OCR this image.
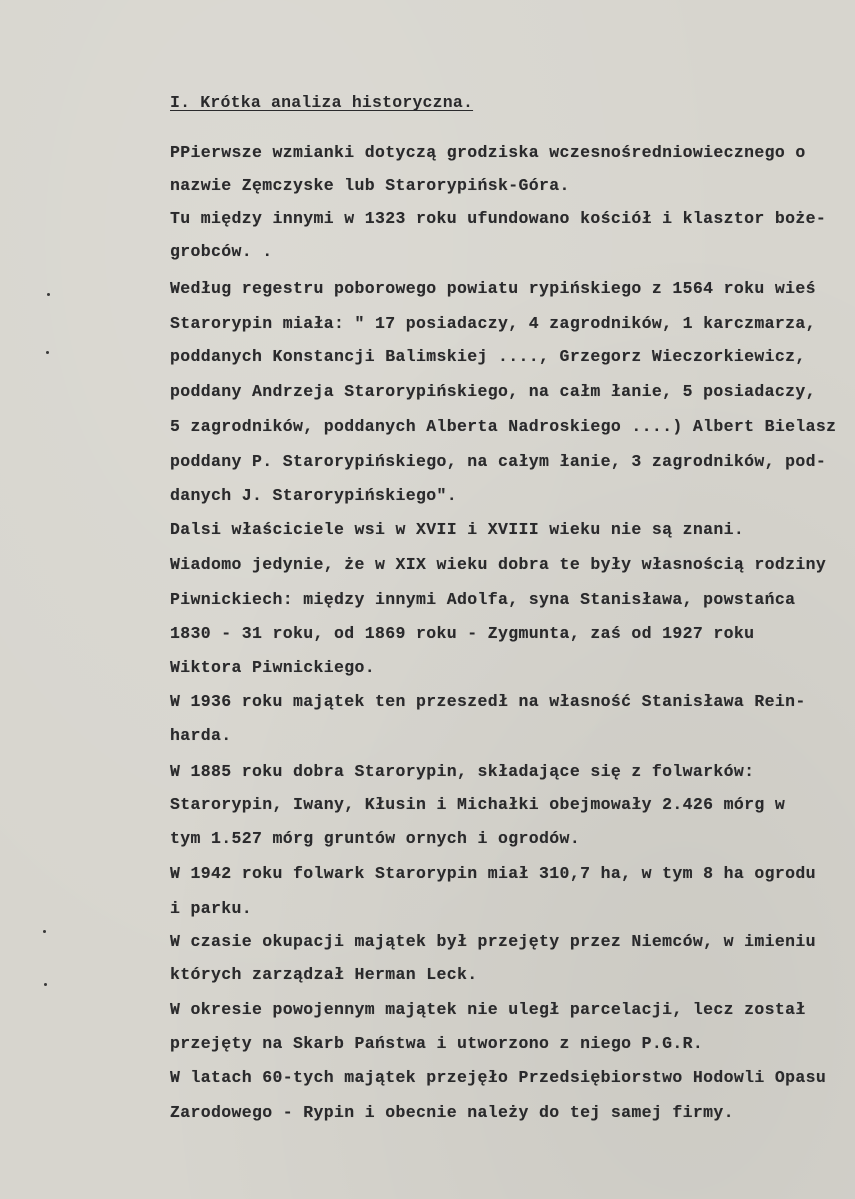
I. Krótka analiza historyczna.
PPierwsze wzmianki dotyczą grodziska wczesnośredniowiecznego o
nazwie Zęmczyske lub Starorypińsk-Góra.
Tu między innymi w 1323 roku ufundowano kościół i klasztor boże-
grobców. .
Według regestru poborowego powiatu rypińskiego z 1564 roku wieś
Starorypin miała: " 17 posiadaczy, 4 zagrodników, 1 karczmarza,
poddanych Konstancji Balimskiej ...., Grzegorz Wieczorkiewicz,
poddany Andrzeja Starorypińskiego, na całm łanie, 5 posiadaczy,
5 zagrodników, poddanych Alberta Nadroskiego ....) Albert Bielasz
poddany P. Starorypińskiego, na całym łanie, 3 zagrodników, pod-
danych J. Starorypińskiego".
Dalsi właściciele wsi w XVII i XVIII wieku nie są znani.
Wiadomo jedynie, że w XIX wieku dobra te były własnością rodziny
Piwnickiech: między innymi Adolfa, syna Stanisława, powstańca
1830 - 31 roku, od 1869 roku - Zygmunta, zaś od 1927 roku
Wiktora Piwnickiego.
W 1936 roku majątek ten przeszedł na własność Stanisława Rein-
harda.
W 1885 roku dobra Starorypin, składające się z folwarków:
Starorypin, Iwany, Kłusin i Michałki obejmowały 2.426 mórg w
tym 1.527 mórg gruntów ornych i ogrodów.
W 1942 roku folwark Starorypin miał 310,7 ha, w tym 8 ha ogrodu
i parku.
W czasie okupacji majątek był przejęty przez Niemców, w imieniu
których zarządzał Herman Leck.
W okresie powojennym majątek nie uległ parcelacji, lecz został
przejęty na Skarb Państwa i utworzono z niego P.G.R.
W latach 60-tych majątek przejęło Przedsiębiorstwo Hodowli Opasu
Zarodowego - Rypin i obecnie należy do tej samej firmy.
